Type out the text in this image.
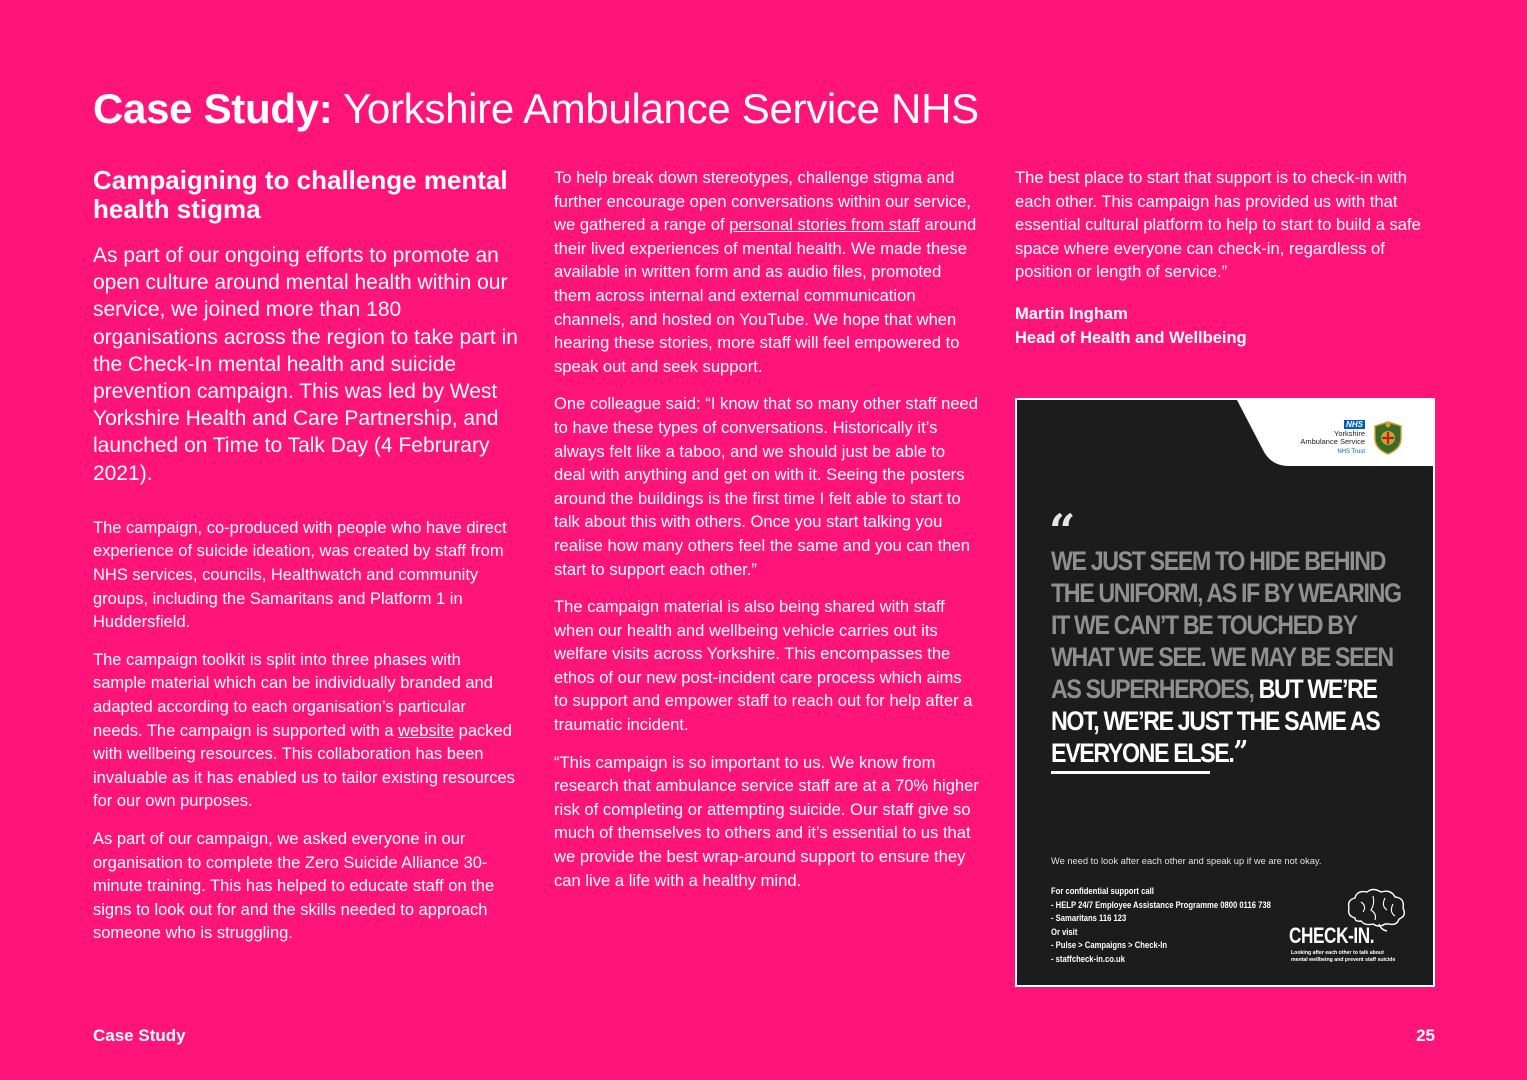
Case Study: Yorkshire Ambulance Service NHS
Campaigning to challenge mental health stigma

As part of our ongoing efforts to promote an open culture around mental health within our service, we joined more than 180 organisations across the region to take part in the Check-In mental health and suicide prevention campaign. This was led by West Yorkshire Health and Care Partnership, and launched on Time to Talk Day (4 Februrary 2021).

The campaign, co-produced with people who have direct experience of suicide ideation, was created by staff from NHS services, councils, Healthwatch and community groups, including the Samaritans and Platform 1 in Huddersfield.

The campaign toolkit is split into three phases with sample material which can be individually branded and adapted according to each organisation’s particular needs. The campaign is supported with a website packed with wellbeing resources. This collaboration has been invaluable as it has enabled us to tailor existing resources for our own purposes.

As part of our campaign, we asked everyone in our organisation to complete the Zero Suicide Alliance 30-minute training. This has helped to educate staff on the signs to look out for and the skills needed to approach someone who is struggling.

To help break down stereotypes, challenge stigma and further encourage open conversations within our service, we gathered a range of personal stories from staff around their lived experiences of mental health. We made these available in written form and as audio files, promoted them across internal and external communication channels, and hosted on YouTube. We hope that when hearing these stories, more staff will feel empowered to speak out and seek support.

One colleague said: “I know that so many other staff need to have these types of conversations. Historically it’s always felt like a taboo, and we should just be able to deal with anything and get on with it. Seeing the posters around the buildings is the first time I felt able to start to talk about this with others. Once you start talking you realise how many others feel the same and you can then start to support each other.”

The campaign material is also being shared with staff when our health and wellbeing vehicle carries out its welfare visits across Yorkshire. This encompasses the ethos of our new post-incident care process which aims to support and empower staff to reach out for help after a traumatic incident.

“This campaign is so important to us. We know from research that ambulance service staff are at a 70% higher risk of completing or attempting suicide. Our staff give so much of themselves to others and it’s essential to us that we provide the best wrap-around support to ensure they can live a life with a healthy mind.

The best place to start that support is to check-in with each other. This campaign has provided us with that essential cultural platform to help to start to build a safe space where everyone can check-in, regardless of position or length of service.”

Martin Ingham
Head of Health and Wellbeing

NHS
Yorkshire
Ambulance Service
NHS Trust
“

WE JUST SEEM TO HIDE BEHIND THE UNIFORM, AS IF BY WEARING IT WE CAN’T BE TOUCHED BY WHAT WE SEE. WE MAY BE SEEN AS SUPERHEROES, BUT WE’RE NOT, WE’RE JUST THE SAME AS EVERYONE ELSE.”

We need to look after each other and speak up if we are not okay.

For confidential support call
- HELP 24/7 Employee Assistance Programme 0800 0116 738
- Samaritans 116 123
Or visit
- Pulse > Campaigns > Check-In
- staffcheck-in.co.uk

CHECK-IN.

Looking after each other to talk about mental wellbeing and prevent staff suicide

Case Study	25
